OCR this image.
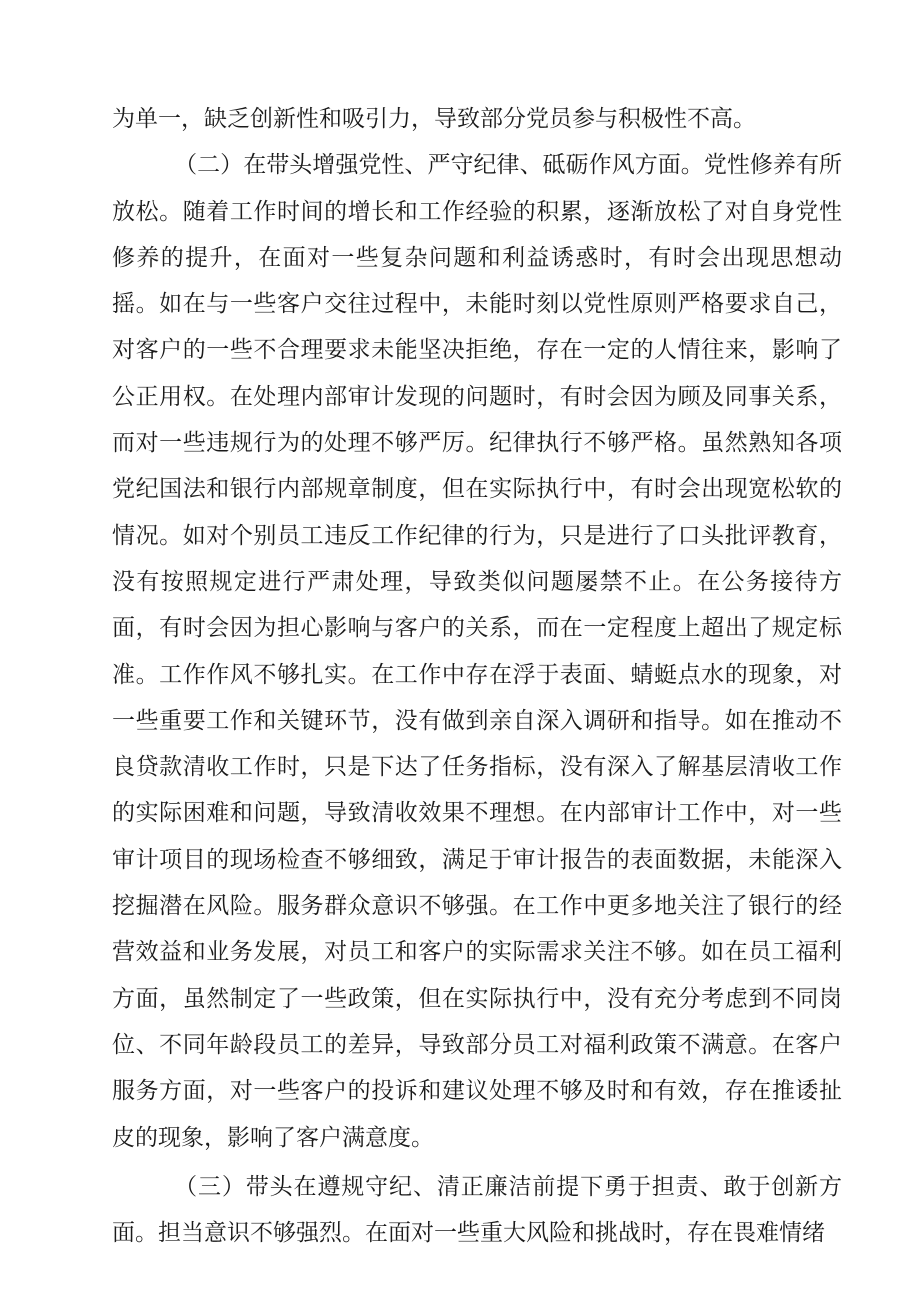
为单一，缺乏创新性和吸引力，导致部分党员参与积极性不高。

（二）在带头增强党性、严守纪律、砥砺作风方面。党性修养有所放松。随着工作时间的增长和工作经验的积累，逐渐放松了对自身党性修养的提升，在面对一些复杂问题和利益诱惑时，有时会出现思想动摇。如在与一些客户交往过程中，未能时刻以党性原则严格要求自己，对客户的一些不合理要求未能坚决拒绝，存在一定的人情往来，影响了公正用权。在处理内部审计发现的问题时，有时会因为顾及同事关系，而对一些违规行为的处理不够严厉。纪律执行不够严格。虽然熟知各项党纪国法和银行内部规章制度，但在实际执行中，有时会出现宽松软的情况。如对个别员工违反工作纪律的行为，只是进行了口头批评教育，没有按照规定进行严肃处理，导致类似问题屡禁不止。在公务接待方面，有时会因为担心影响与客户的关系，而在一定程度上超出了规定标准。工作作风不够扎实。在工作中存在浮于表面、蜻蜓点水的现象，对一些重要工作和关键环节，没有做到亲自深入调研和指导。如在推动不良贷款清收工作时，只是下达了任务指标，没有深入了解基层清收工作的实际困难和问题，导致清收效果不理想。在内部审计工作中，对一些审计项目的现场检查不够细致，满足于审计报告的表面数据，未能深入挖掘潜在风险。服务群众意识不够强。在工作中更多地关注了银行的经营效益和业务发展，对员工和客户的实际需求关注不够。如在员工福利方面，虽然制定了一些政策，但在实际执行中，没有充分考虑到不同岗位、不同年龄段员工的差异，导致部分员工对福利政策不满意。在客户服务方面，对一些客户的投诉和建议处理不够及时和有效，存在推诿扯皮的现象，影响了客户满意度。

（三）带头在遵规守纪、清正廉洁前提下勇于担责、敢于创新方面。担当意识不够强烈。在面对一些重大风险和挑战时，存在畏难情绪
